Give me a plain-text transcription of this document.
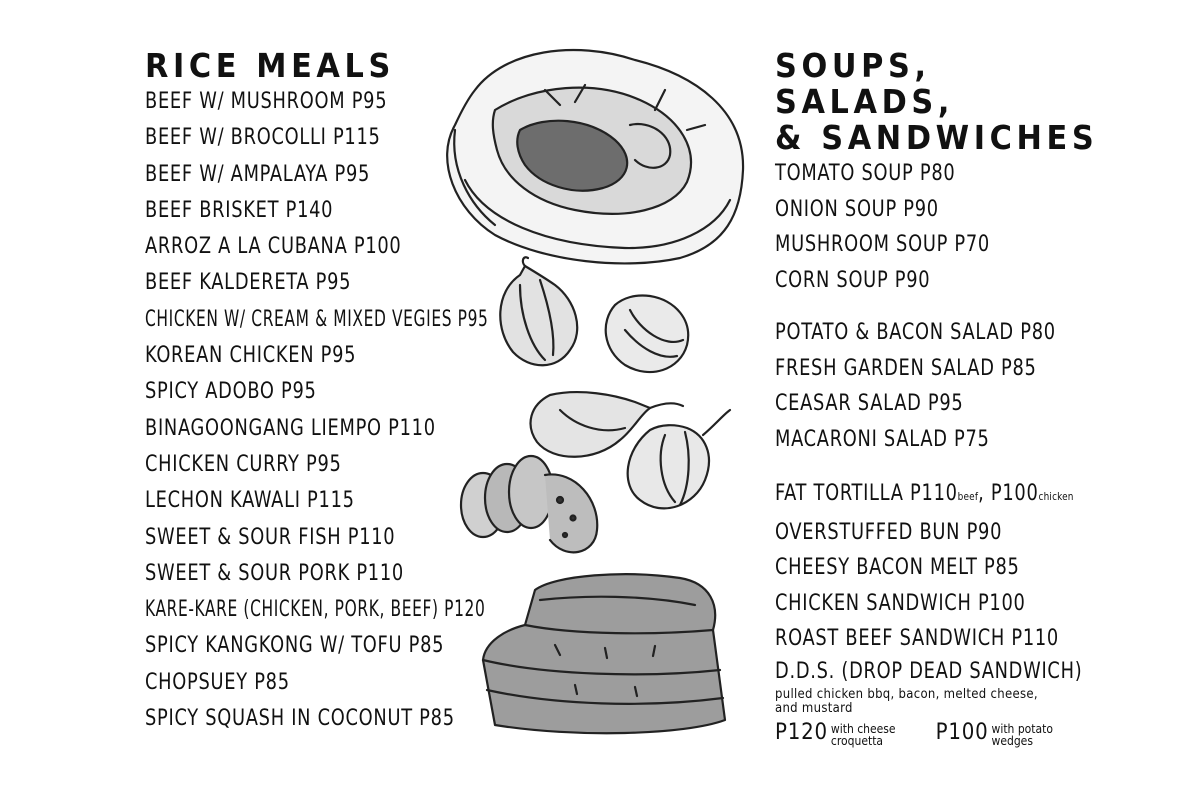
RICE MEALS
BEEF W/ MUSHROOM P95
BEEF W/ BROCOLLI P115
BEEF W/ AMPALAYA P95
BEEF BRISKET P140
ARROZ A LA CUBANA P100
BEEF KALDERETA P95
CHICKEN W/ CREAM & MIXED VEGIES P95
KOREAN CHICKEN P95
SPICY ADOBO P95
BINAGOONGANG LIEMPO P110
CHICKEN CURRY P95
LECHON KAWALI P115
SWEET & SOUR FISH P110
SWEET & SOUR PORK P110
KARE-KARE (CHICKEN, PORK, BEEF) P120
SPICY KANGKONG W/ TOFU P85
CHOPSUEY P85
SPICY SQUASH IN COCONUT P85
SOUPS, SALADS,
& SANDWICHES
TOMATO SOUP P80
ONION SOUP P90
MUSHROOM SOUP P70
CORN SOUP P90
POTATO & BACON SALAD P80
FRESH GARDEN SALAD P85
CEASAR SALAD P95
MACARONI SALAD P75
FAT TORTILLA P110beef, P100chicken
OVERSTUFFED BUN P90
CHEESY BACON MELT P85
CHICKEN SANDWICH P100
ROAST BEEF SANDWICH P110
D.D.S. (DROP DEAD SANDWICH)
pulled chicken bbq, bacon, melted cheese,
and mustard
P120 with cheese
croquetta	P100 with potato
wedges
